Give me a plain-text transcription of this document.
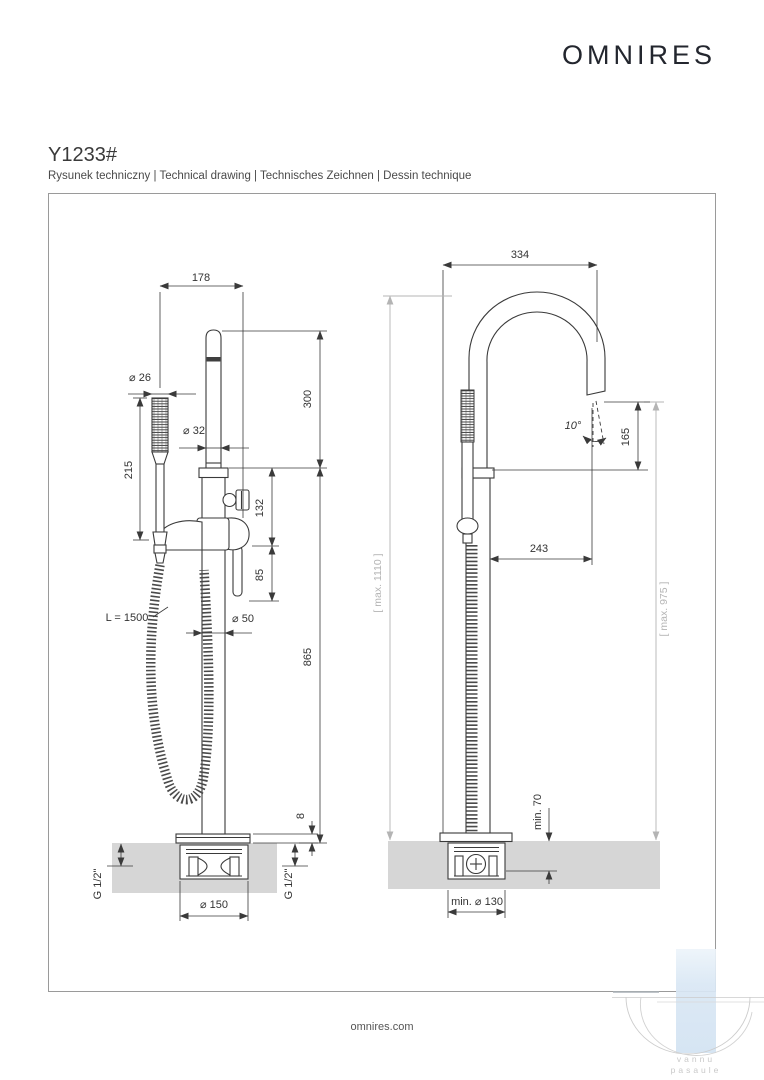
OMNIRES
Y1233#
Rysunek techniczny | Technical drawing | Technisches Zeichnen | Dessin technique
omnires.com
178
300
865
132
85
⌀ 32
⌀ 26
215
L = 1500	⌀ 50
8
G 1/2"	G 1/2"
⌀ 150
334
[ max. 1110 ]	[ max. 975 ]
165
10°
243
min. 70
min. ⌀ 130
vannu
pasaule
